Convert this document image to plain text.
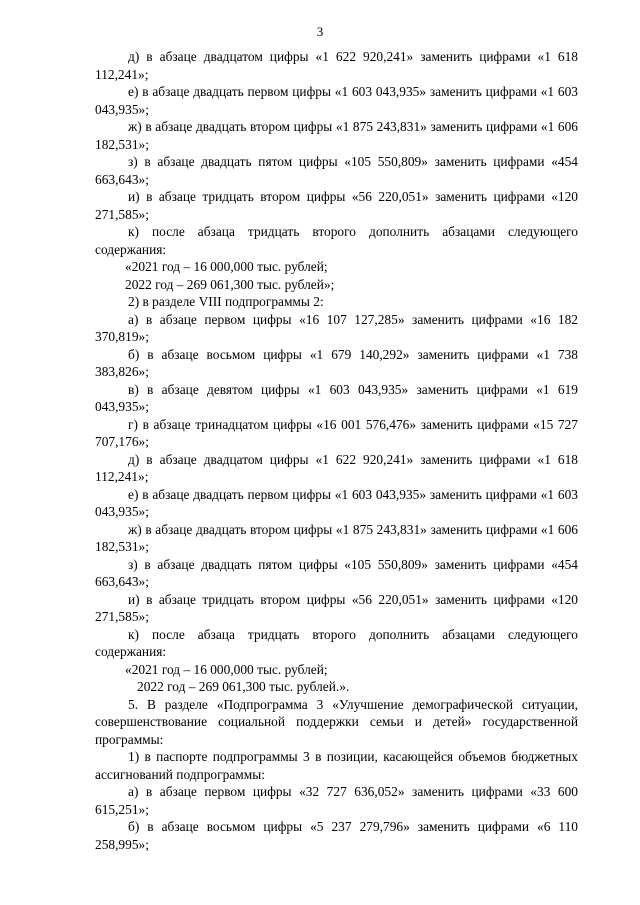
3

д) в абзаце двадцатом цифры «1 622 920,241» заменить цифрами «1 618 112,241»;

е) в абзаце двадцать первом цифры «1 603 043,935» заменить цифрами «1 603 043,935»;

ж) в абзаце двадцать втором цифры «1 875 243,831» заменить цифрами «1 606 182,531»;

з) в абзаце двадцать пятом цифры «105 550,809» заменить цифрами «454 663,643»;

и) в абзаце тридцать втором цифры «56 220,051» заменить цифрами «120 271,585»;

к) после абзаца тридцать второго дополнить абзацами следующего содержания:

«2021 год – 16 000,000 тыс. рублей;

2022 год – 269 061,300 тыс. рублей»;

2) в разделе VIII подпрограммы 2:

а) в абзаце первом цифры «16 107 127,285» заменить цифрами «16 182 370,819»;

б) в абзаце восьмом цифры «1 679 140,292» заменить цифрами «1 738 383,826»;

в) в абзаце девятом цифры «1 603 043,935» заменить цифрами «1 619 043,935»;

г) в абзаце тринадцатом цифры «16 001 576,476» заменить цифрами «15 727 707,176»;

д) в абзаце двадцатом цифры «1 622 920,241» заменить цифрами «1 618 112,241»;

е) в абзаце двадцать первом цифры «1 603 043,935» заменить цифрами «1 603 043,935»;

ж) в абзаце двадцать втором цифры «1 875 243,831» заменить цифрами «1 606 182,531»;

з) в абзаце двадцать пятом цифры «105 550,809» заменить цифрами «454 663,643»;

и) в абзаце тридцать втором цифры «56 220,051» заменить цифрами «120 271,585»;

к) после абзаца тридцать второго дополнить абзацами следующего содержания:

«2021 год – 16 000,000 тыс. рублей;

2022 год – 269 061,300 тыс. рублей.».

5. В разделе «Подпрограмма 3 «Улучшение демографической ситуации, совершенствование социальной поддержки семьи и детей» государственной программы:

1) в паспорте подпрограммы 3 в позиции, касающейся объемов бюджетных ассигнований подпрограммы:

а) в абзаце первом цифры «32 727 636,052» заменить цифрами «33 600 615,251»;

б) в абзаце восьмом цифры «5 237 279,796» заменить цифрами «6 110 258,995»;
